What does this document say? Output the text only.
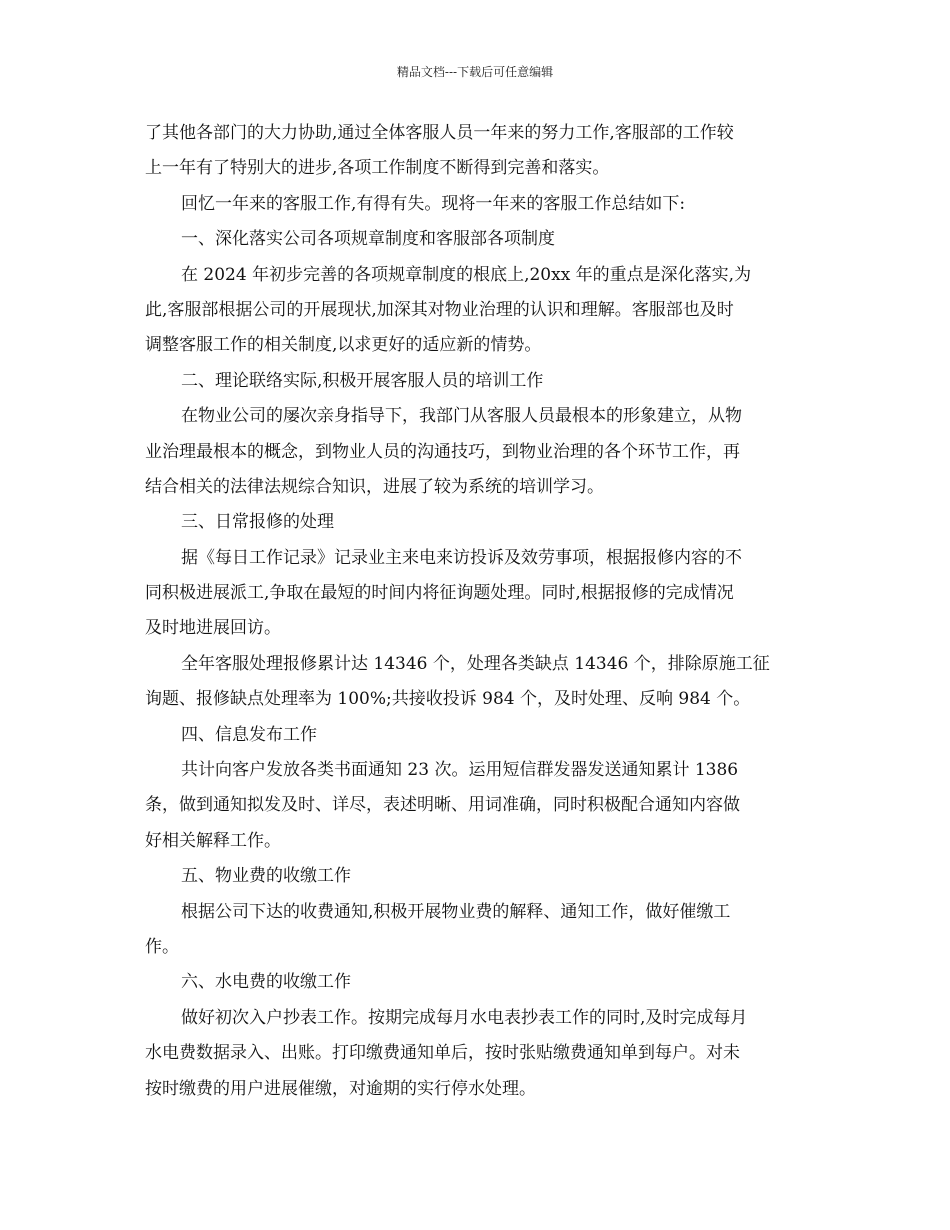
精品文档---下载后可任意编辑
了其他各部门的大力协助,通过全体客服人员一年来的努力工作,客服部的工作较
上一年有了特别大的进步,各项工作制度不断得到完善和落实。
回忆一年来的客服工作,有得有失。现将一年来的客服工作总结如下:
一、深化落实公司各项规章制度和客服部各项制度
在 2024 年初步完善的各项规章制度的根底上,20xx 年的重点是深化落实,为
此,客服部根据公司的开展现状,加深其对物业治理的认识和理解。客服部也及时
调整客服工作的相关制度,以求更好的适应新的情势。
二、理论联络实际,积极开展客服人员的培训工作
在物业公司的屡次亲身指导下，我部门从客服人员最根本的形象建立，从物
业治理最根本的概念，到物业人员的沟通技巧，到物业治理的各个环节工作，再
结合相关的法律法规综合知识，进展了较为系统的培训学习。
三、日常报修的处理
据《每日工作记录》记录业主来电来访投诉及效劳事项，根据报修内容的不
同积极进展派工,争取在最短的时间内将征询题处理。同时,根据报修的完成情况
及时地进展回访。
全年客服处理报修累计达 14346 个，处理各类缺点 14346 个，排除原施工征
询题、报修缺点处理率为 100%;共接收投诉 984 个，及时处理、反响 984 个。
四、信息发布工作
共计向客户发放各类书面通知 23 次。运用短信群发器发送通知累计 1386
条，做到通知拟发及时、详尽，表述明晰、用词准确，同时积极配合通知内容做
好相关解释工作。
五、物业费的收缴工作
根据公司下达的收费通知,积极开展物业费的解释、通知工作，做好催缴工
作。
六、水电费的收缴工作
做好初次入户抄表工作。按期完成每月水电表抄表工作的同时,及时完成每月
水电费数据录入、出账。打印缴费通知单后，按时张贴缴费通知单到每户。对未
按时缴费的用户进展催缴，对逾期的实行停水处理。
